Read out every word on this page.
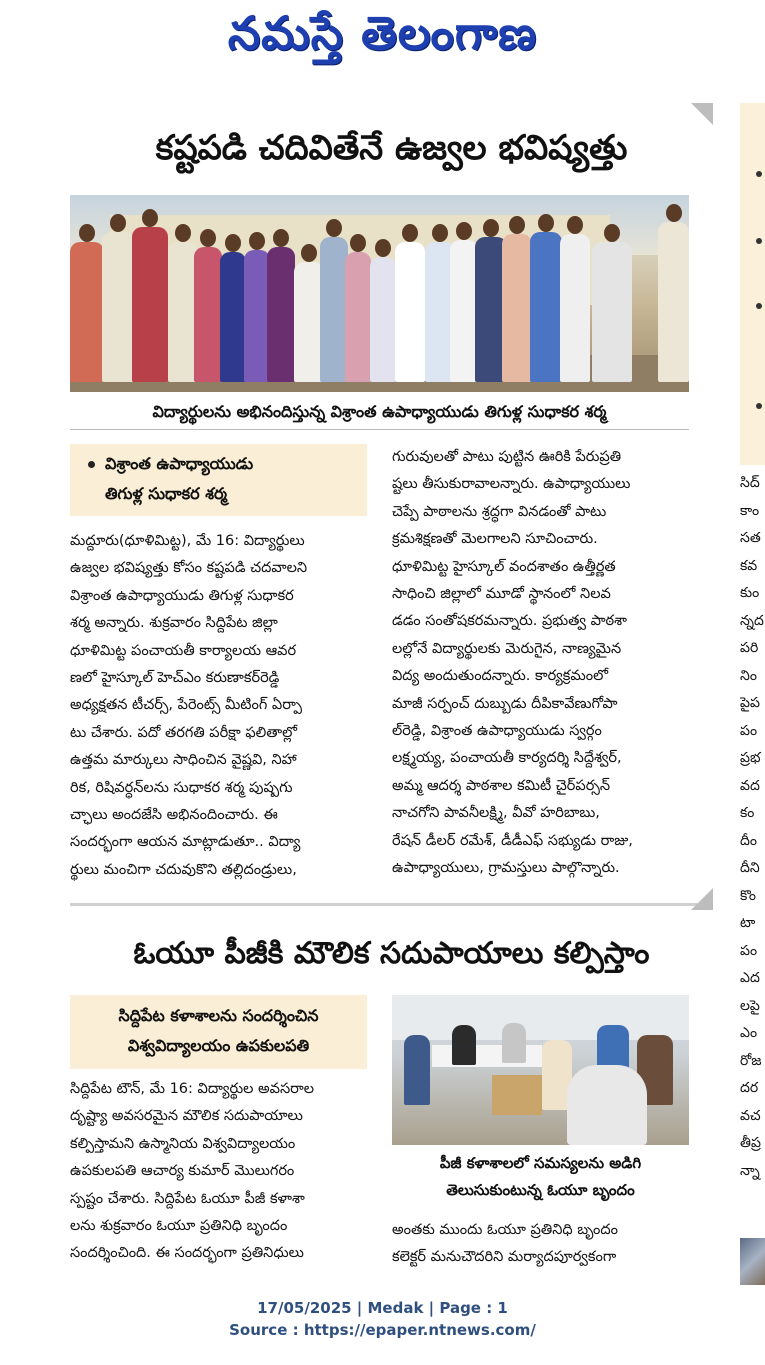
నమస్తే తెలంగాణ
కష్టపడి చదివితేనే ఉజ్వల భవిష్యత్తు
విద్యార్థులను అభినందిస్తున్న విశ్రాంత ఉపాధ్యాయుడు తిగుళ్ల సుధాకర శర్మ
విశ్రాంత ఉపాధ్యాయుడు
తిగుళ్ల సుధాకర శర్మ
మద్దూరు(ధూళిమిట్ట), మే 16: విద్యార్థులు
ఉజ్వల భవిష్యత్తు కోసం కష్టపడి చదవాలని
విశ్రాంత ఉపాధ్యాయుడు తిగుళ్ల సుధాకర
శర్మ అన్నారు. శుక్రవారం సిద్దిపేట జిల్లా
ధూళిమిట్ట పంచాయతీ కార్యాలయ ఆవర
ణలో హైస్కూల్ హెచ్‌ఎం కరుణాకర్‌రెడ్డి
అధ్యక్షతన టీచర్స్, పేరెంట్స్ మీటింగ్ ఏర్పా
టు చేశారు. పదో తరగతి పరీక్షా ఫలితాల్లో
ఉత్తమ మార్కులు సాధించిన వైష్ణవి, నిహా
రిక, రిషివర్ధన్‌లను సుధాకర శర్మ పుష్పగు
చ్ఛాలు అందజేసి అభినందించారు. ఈ
సందర్భంగా ఆయన మాట్లాడుతూ.. విద్యా
ర్థులు మంచిగా చదువుకొని తల్లిదండ్రులు,
గురువులతో పాటు పుట్టిన ఊరికి పేరుప్రతి
ష్టలు తీసుకురావాలన్నారు. ఉపాధ్యాయులు
చెప్పే పాఠాలను శ్రద్ధగా వినడంతో పాటు
క్రమశిక్షణతో మెలగాలని సూచించారు.
ధూళిమిట్ట హైస్కూల్ వందశాతం ఉత్తీర్ణత
సాధించి జిల్లాలో మూడో స్థానంలో నిలవ
డడం సంతోషకరమన్నారు. ప్రభుత్వ పాఠశా
లల్లోనే విద్యార్థులకు మెరుగైన, నాణ్యమైన
విద్య అందుతుందన్నారు. కార్యక్రమంలో
మాజీ సర్పంచ్ దుబ్బుడు దీపికావేణుగోపా
ల్‌రెడ్డి, విశ్రాంత ఉపాధ్యాయుడు స్వర్గం
లక్ష్మయ్య, పంచాయతీ కార్యదర్శి సిద్దేశ్వర్,
అమ్మ ఆదర్శ పాఠశాల కమిటీ చైర్‌పర్సన్
నాచగోని పావనీలక్ష్మి, వీవో హరిబాబు,
రేషన్ డీలర్ రమేశ్, డీడీఎఫ్ సభ్యుడు రాజు,
ఉపాధ్యాయులు, గ్రామస్తులు పాల్గొన్నారు.
ఓయూ పీజీకి మౌలిక సదుపాయాలు కల్పిస్తాం
సిద్దిపేట కళాశాలను సందర్శించిన
విశ్వవిద్యాలయం ఉపకులపతి
సిద్దిపేట టౌన్, మే 16: విద్యార్థుల అవసరాల
దృష్ట్యా అవసరమైన మౌలిక సదుపాయాలు
కల్పిస్తామని ఉస్మానియ విశ్వవిద్యాలయం
ఉపకులపతి ఆచార్య కుమార్ మొలుగరం
స్పష్టం చేశారు. సిద్దిపేట ఓయూ పీజీ కళాశా
లను శుక్రవారం ఓయూ ప్రతినిధి బృందం
సందర్శించింది. ఈ సందర్భంగా ప్రతినిధులు
పీజీ కళాశాలలో సమస్యలను అడిగి
తెలుసుకుంటున్న ఓయూ బృందం
అంతకు ముందు ఓయూ ప్రతినిధి బృందం
కలెక్టర్ మనుచౌదరిని మర్యాదపూర్వకంగా
సిద్
కాం
సత
కవ
కుం
న్నద
పరి
నిం
పైప
పం
ప్రభ
వద
కం
దీం
దీని
కొం
టా
పం
ఎద
లపై
ఎం
రోజ
దర
వచ
తీప్ర
న్నా
17/05/2025 | Medak | Page : 1
Source : https://epaper.ntnews.com/
